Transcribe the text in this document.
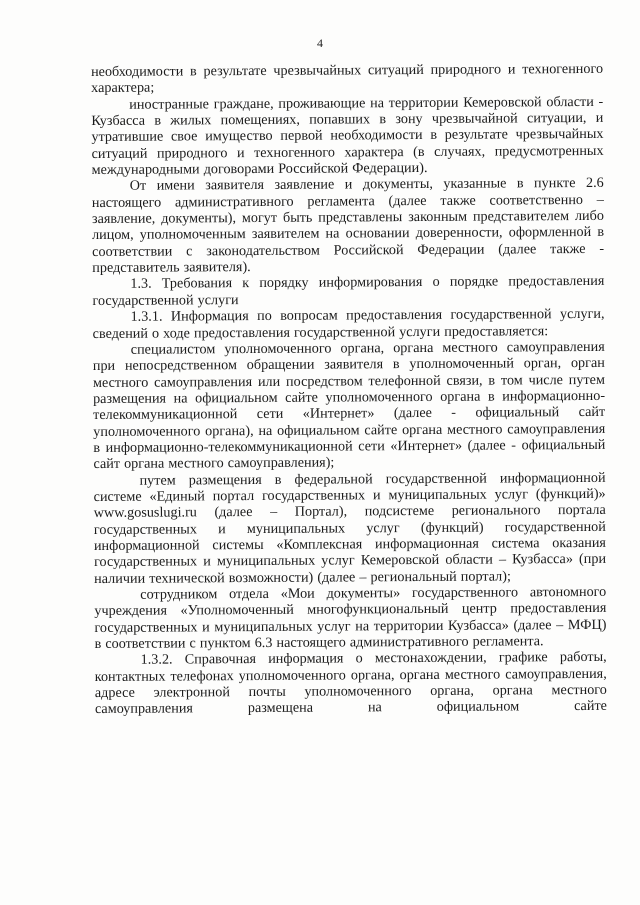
4

необходимости в результате чрезвычайных ситуаций природного и техногенного характера;

иностранные граждане, проживающие на территории Кемеровской области - Кузбасса в жилых помещениях, попавших в зону чрезвычайной ситуации, и утратившие свое имущество первой необходимости в результате чрезвычайных ситуаций природного и техногенного характера (в случаях, предусмотренных международными договорами Российской Федерации).

От имени заявителя заявление и документы, указанные в пункте 2.6 настоящего административного регламента (далее также соответственно – заявление, документы), могут быть представлены законным представителем либо лицом, уполномоченным заявителем на основании доверенности, оформленной в соответствии с законодательством Российской Федерации (далее также - представитель заявителя).

1.3. Требования к порядку информирования о порядке предоставления государственной услуги

1.3.1. Информация по вопросам предоставления государственной услуги, сведений о ходе предоставления государственной услуги предоставляется:

специалистом уполномоченного органа, органа местного самоуправления при непосредственном обращении заявителя в уполномоченный орган, орган местного самоуправления или посредством телефонной связи, в том числе путем размещения на официальном сайте уполномоченного органа в информационно-телекоммуникационной сети «Интернет» (далее - официальный сайт уполномоченного органа), на официальном сайте органа местного самоуправления в информационно-телекоммуникационной сети «Интернет» (далее - официальный сайт органа местного самоуправления);

путем размещения в федеральной государственной информационной системе «Единый портал государственных и муниципальных услуг (функций)» www.gosuslugi.ru (далее – Портал), подсистеме регионального портала государственных и муниципальных услуг (функций) государственной информационной системы «Комплексная информационная система оказания государственных и муниципальных услуг Кемеровской области – Кузбасса» (при наличии технической возможности) (далее – региональный портал);

сотрудником отдела «Мои документы» государственного автономного учреждения «Уполномоченный многофункциональный центр предоставления государственных и муниципальных услуг на территории Кузбасса» (далее – МФЦ) в соответствии с пунктом 6.3 настоящего административного регламента.

1.3.2. Справочная информация о местонахождении, графике работы, контактных телефонах уполномоченного органа, органа местного самоуправления, адресе электронной почты уполномоченного органа, органа местного самоуправления размещена на официальном сайте
